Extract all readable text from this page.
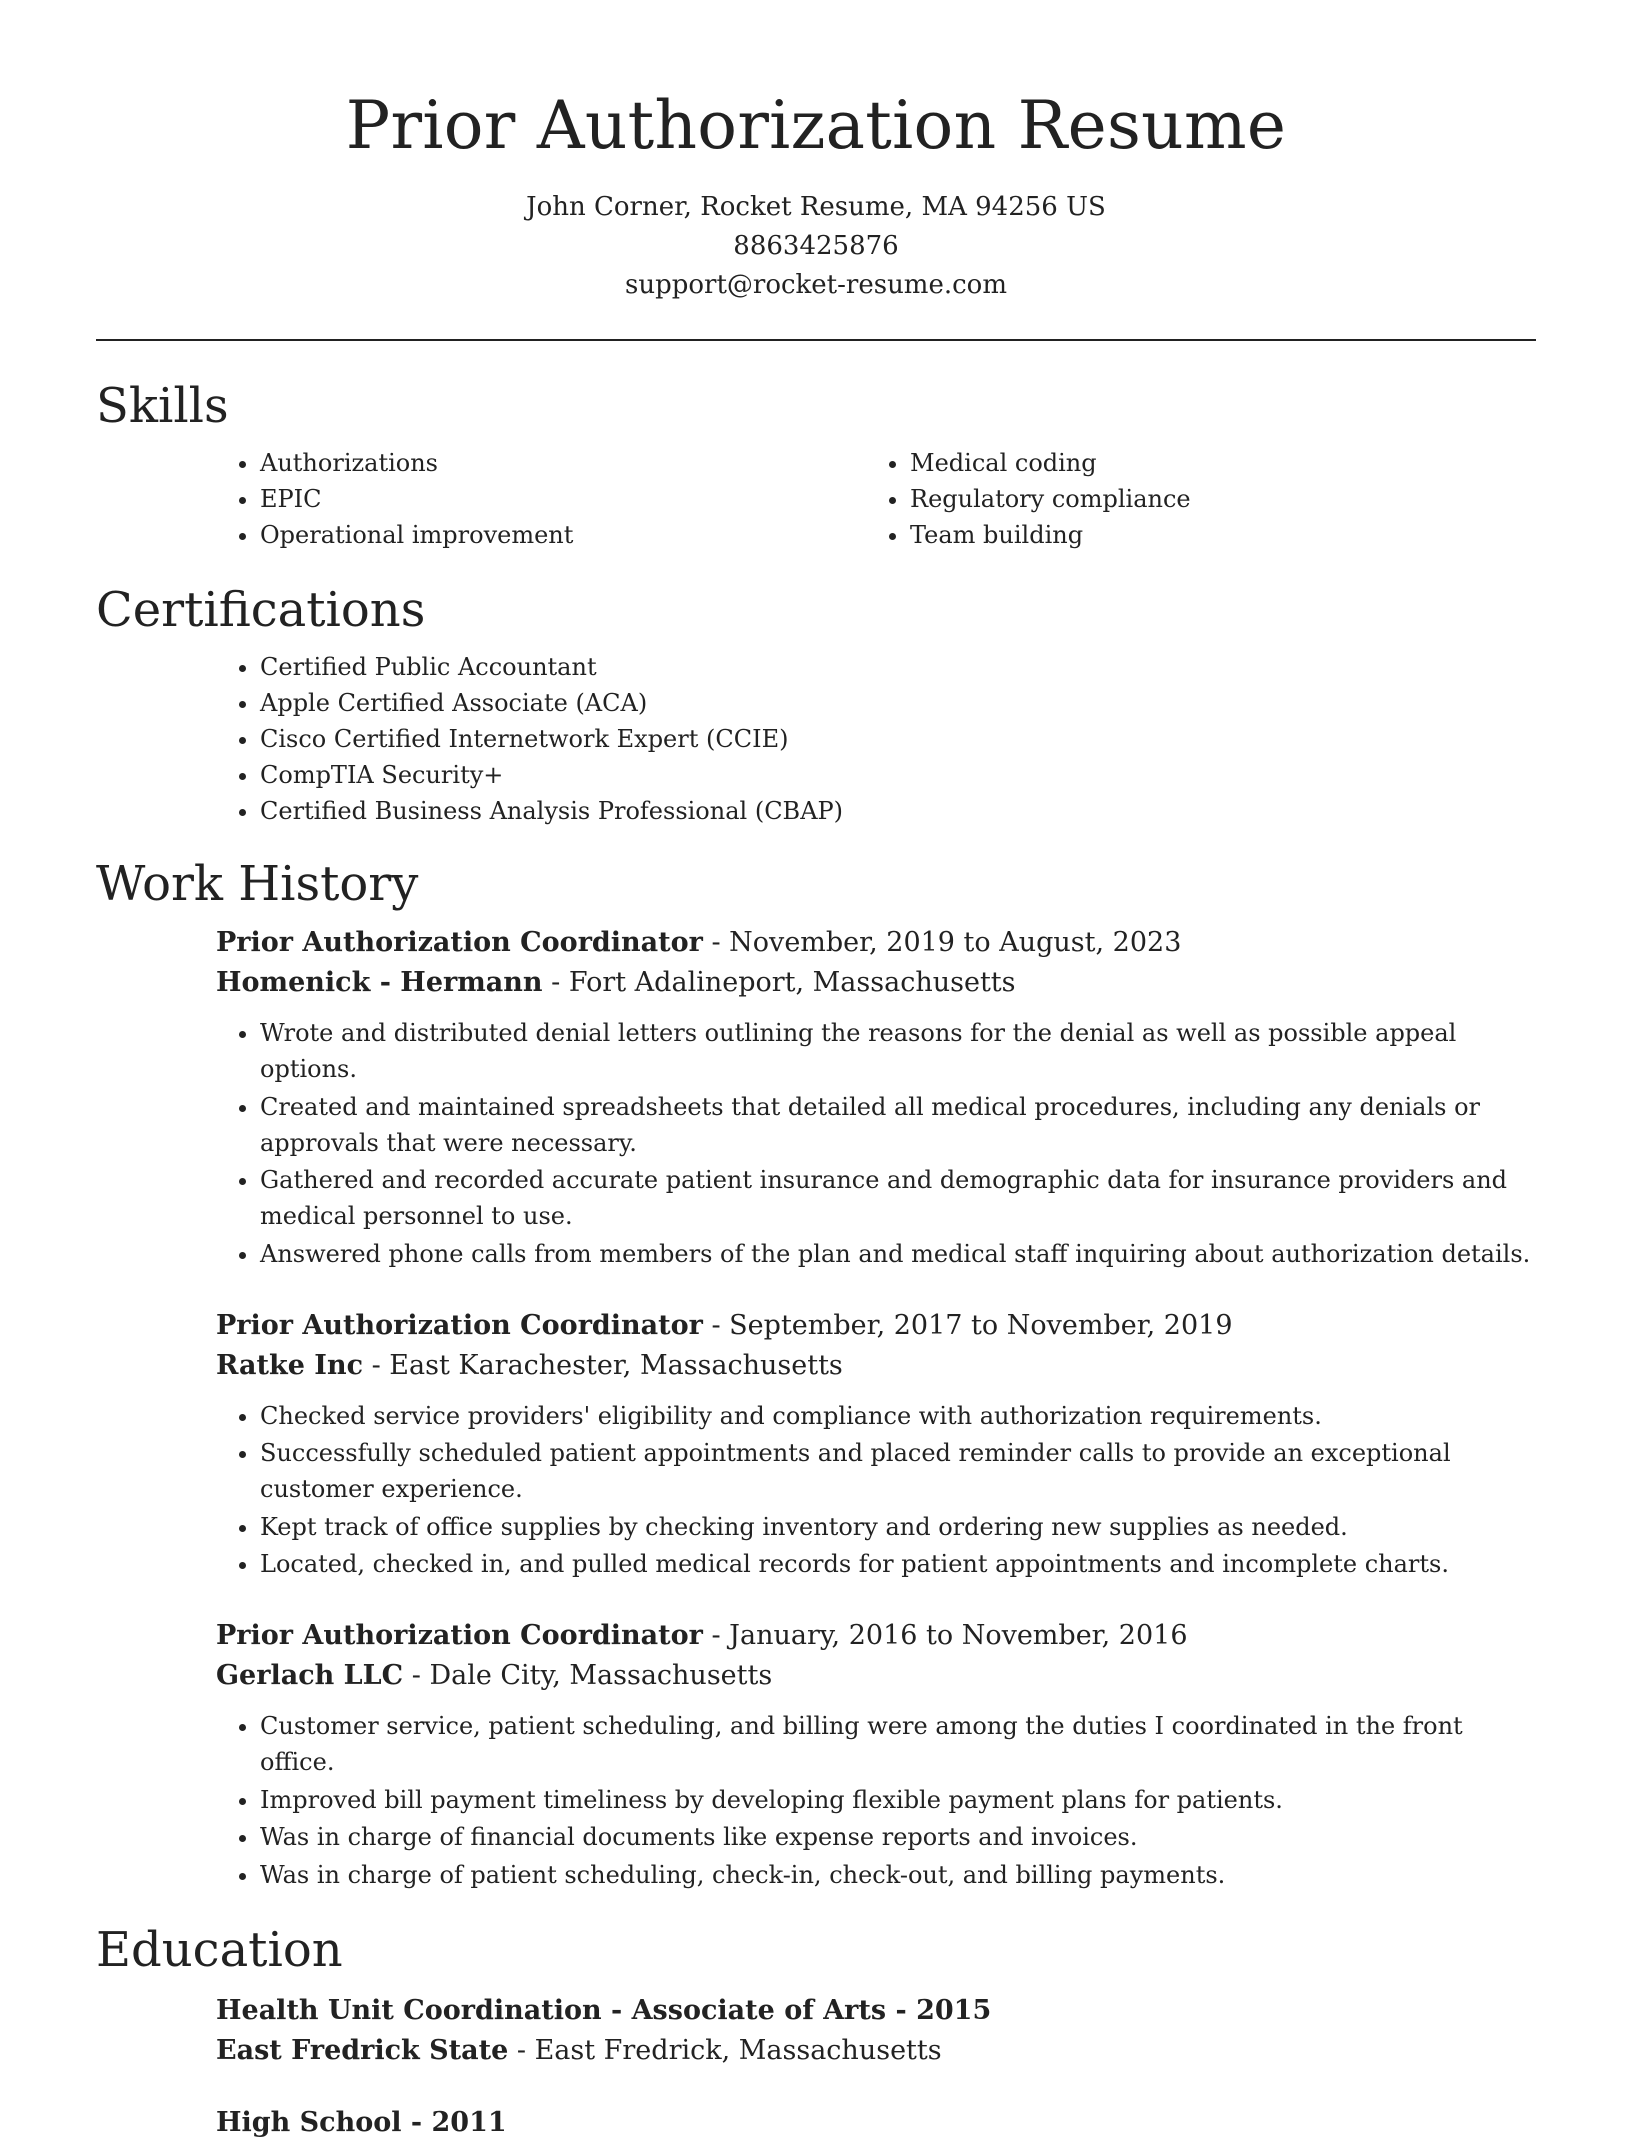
Prior Authorization Resume
John Corner, Rocket Resume, MA 94256 US
8863425876
support@rocket-resume.com
Skills
• Authorizations
• EPIC
• Operational improvement
• Medical coding
• Regulatory compliance
• Team building
Certifications
• Certified Public Accountant
• Apple Certified Associate (ACA)
• Cisco Certified Internetwork Expert (CCIE)
• CompTIA Security+
• Certified Business Analysis Professional (CBAP)
Work History
Prior Authorization Coordinator - November, 2019 to August, 2023
Homenick - Hermann - Fort Adalineport, Massachusetts
• Wrote and distributed denial letters outlining the reasons for the denial as well as possible appeal options.
• Created and maintained spreadsheets that detailed all medical procedures, including any denials or approvals that were necessary.
• Gathered and recorded accurate patient insurance and demographic data for insurance providers and medical personnel to use.
• Answered phone calls from members of the plan and medical staff inquiring about authorization details.
Prior Authorization Coordinator - September, 2017 to November, 2019
Ratke Inc - East Karachester, Massachusetts
• Checked service providers' eligibility and compliance with authorization requirements.
• Successfully scheduled patient appointments and placed reminder calls to provide an exceptional customer experience.
• Kept track of office supplies by checking inventory and ordering new supplies as needed.
• Located, checked in, and pulled medical records for patient appointments and incomplete charts.
Prior Authorization Coordinator - January, 2016 to November, 2016
Gerlach LLC - Dale City, Massachusetts
• Customer service, patient scheduling, and billing were among the duties I coordinated in the front office.
• Improved bill payment timeliness by developing flexible payment plans for patients.
• Was in charge of financial documents like expense reports and invoices.
• Was in charge of patient scheduling, check-in, check-out, and billing payments.
Education
Health Unit Coordination - Associate of Arts - 2015
East Fredrick State - East Fredrick, Massachusetts
High School - 2011
